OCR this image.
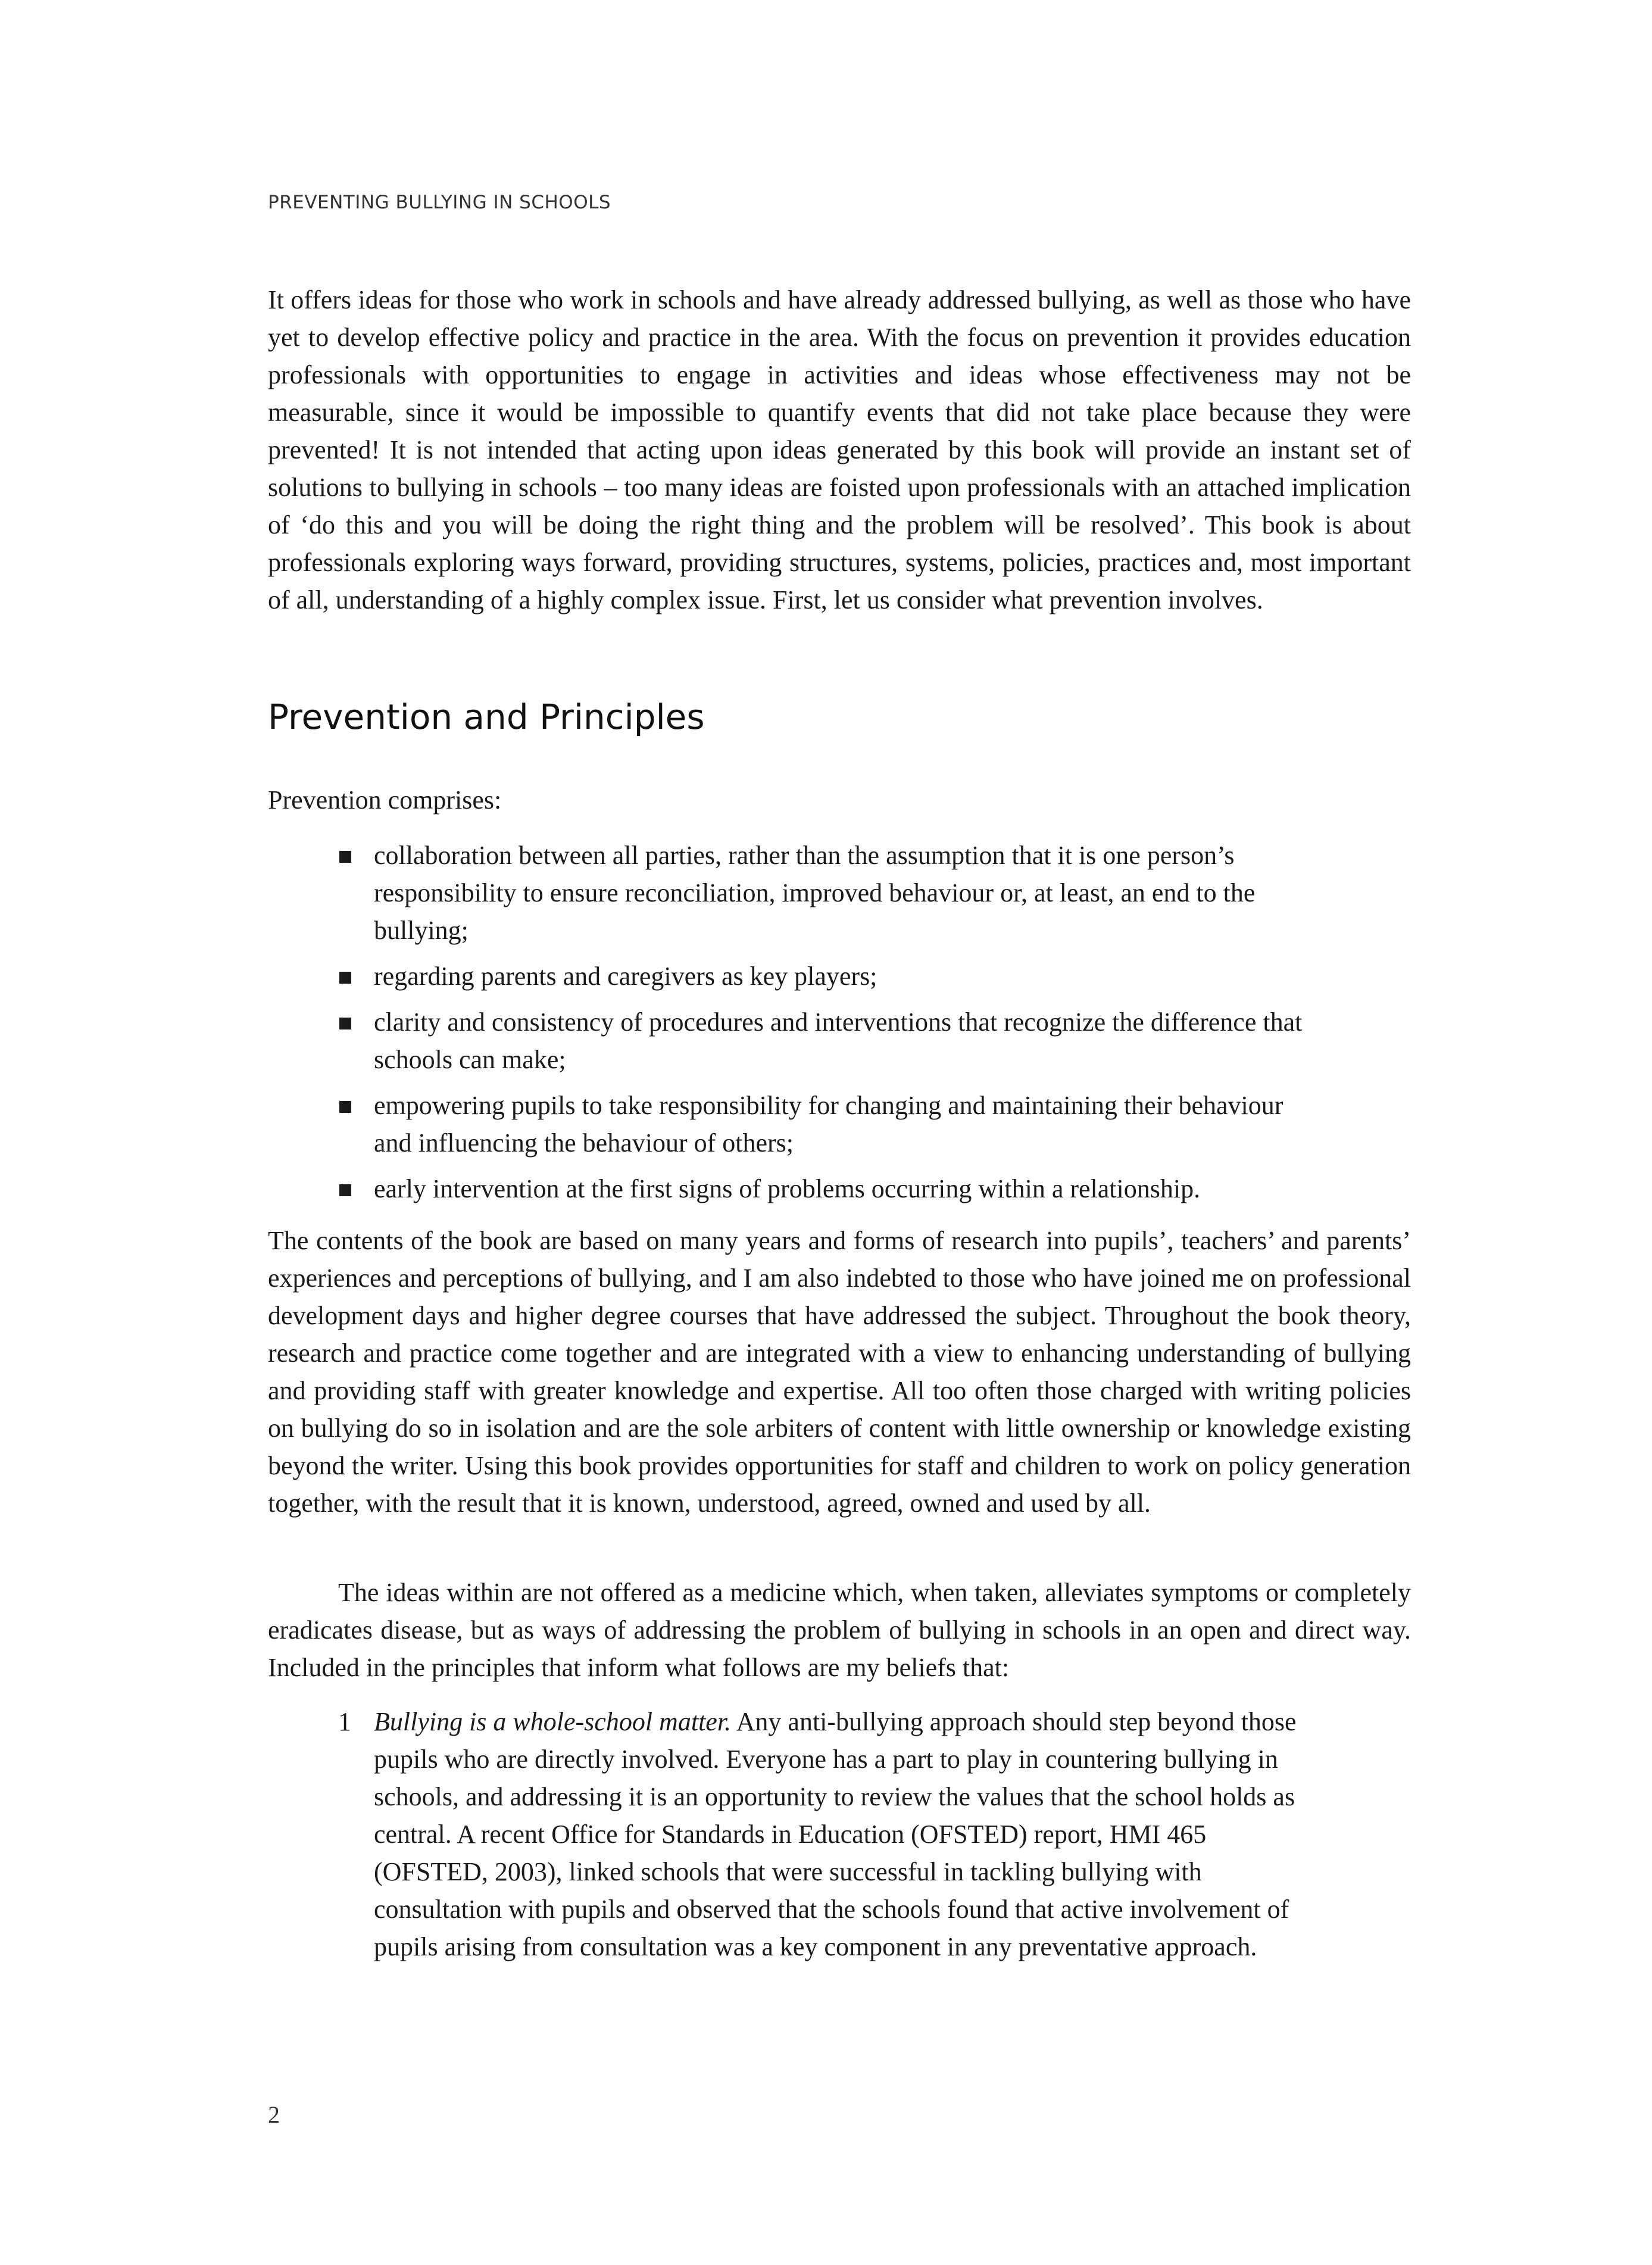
PREVENTING BULLYING IN SCHOOLS

It offers ideas for those who work in schools and have already addressed bullying, as well as those who have yet to develop effective policy and practice in the area. With the focus on prevention it provides education professionals with opportunities to engage in activities and ideas whose effectiveness may not be measurable, since it would be impossible to quantify events that did not take place because they were prevented! It is not intended that acting upon ideas generated by this book will provide an instant set of solutions to bullying in schools – too many ideas are foisted upon professionals with an attached implication of ‘do this and you will be doing the right thing and the problem will be resolved’. This book is about professionals exploring ways forward, providing structures, systems, policies, practices and, most important of all, understanding of a highly complex issue. First, let us consider what prevention involves.

Prevention and Principles

Prevention comprises:

collaboration between all parties, rather than the assumption that it is one person’s responsibility to ensure reconciliation, improved behaviour or, at least, an end to the bullying;
regarding parents and caregivers as key players;
clarity and consistency of procedures and interventions that recognize the difference that schools can make;
empowering pupils to take responsibility for changing and maintaining their behaviour and influencing the behaviour of others;
early intervention at the first signs of problems occurring within a relationship.

The contents of the book are based on many years and forms of research into pupils’, teachers’ and parents’ experiences and perceptions of bullying, and I am also indebted to those who have joined me on professional development days and higher degree courses that have addressed the subject. Throughout the book theory, research and practice come together and are integrated with a view to enhancing understanding of bullying and providing staff with greater knowledge and expertise. All too often those charged with writing policies on bullying do so in isolation and are the sole arbiters of content with little ownership or knowledge existing beyond the writer. Using this book provides opportunities for staff and children to work on policy generation together, with the result that it is known, understood, agreed, owned and used by all.

The ideas within are not offered as a medicine which, when taken, alleviates symptoms or completely eradicates disease, but as ways of addressing the problem of bullying in schools in an open and direct way. Included in the principles that inform what follows are my beliefs that:

1 Bullying is a whole-school matter. Any anti-bullying approach should step beyond those pupils who are directly involved. Everyone has a part to play in countering bullying in schools, and addressing it is an opportunity to review the values that the school holds as central. A recent Office for Standards in Education (OFSTED) report, HMI 465 (OFSTED, 2003), linked schools that were successful in tackling bullying with consultation with pupils and observed that the schools found that active involvement of pupils arising from consultation was a key component in any preventative approach.
2
